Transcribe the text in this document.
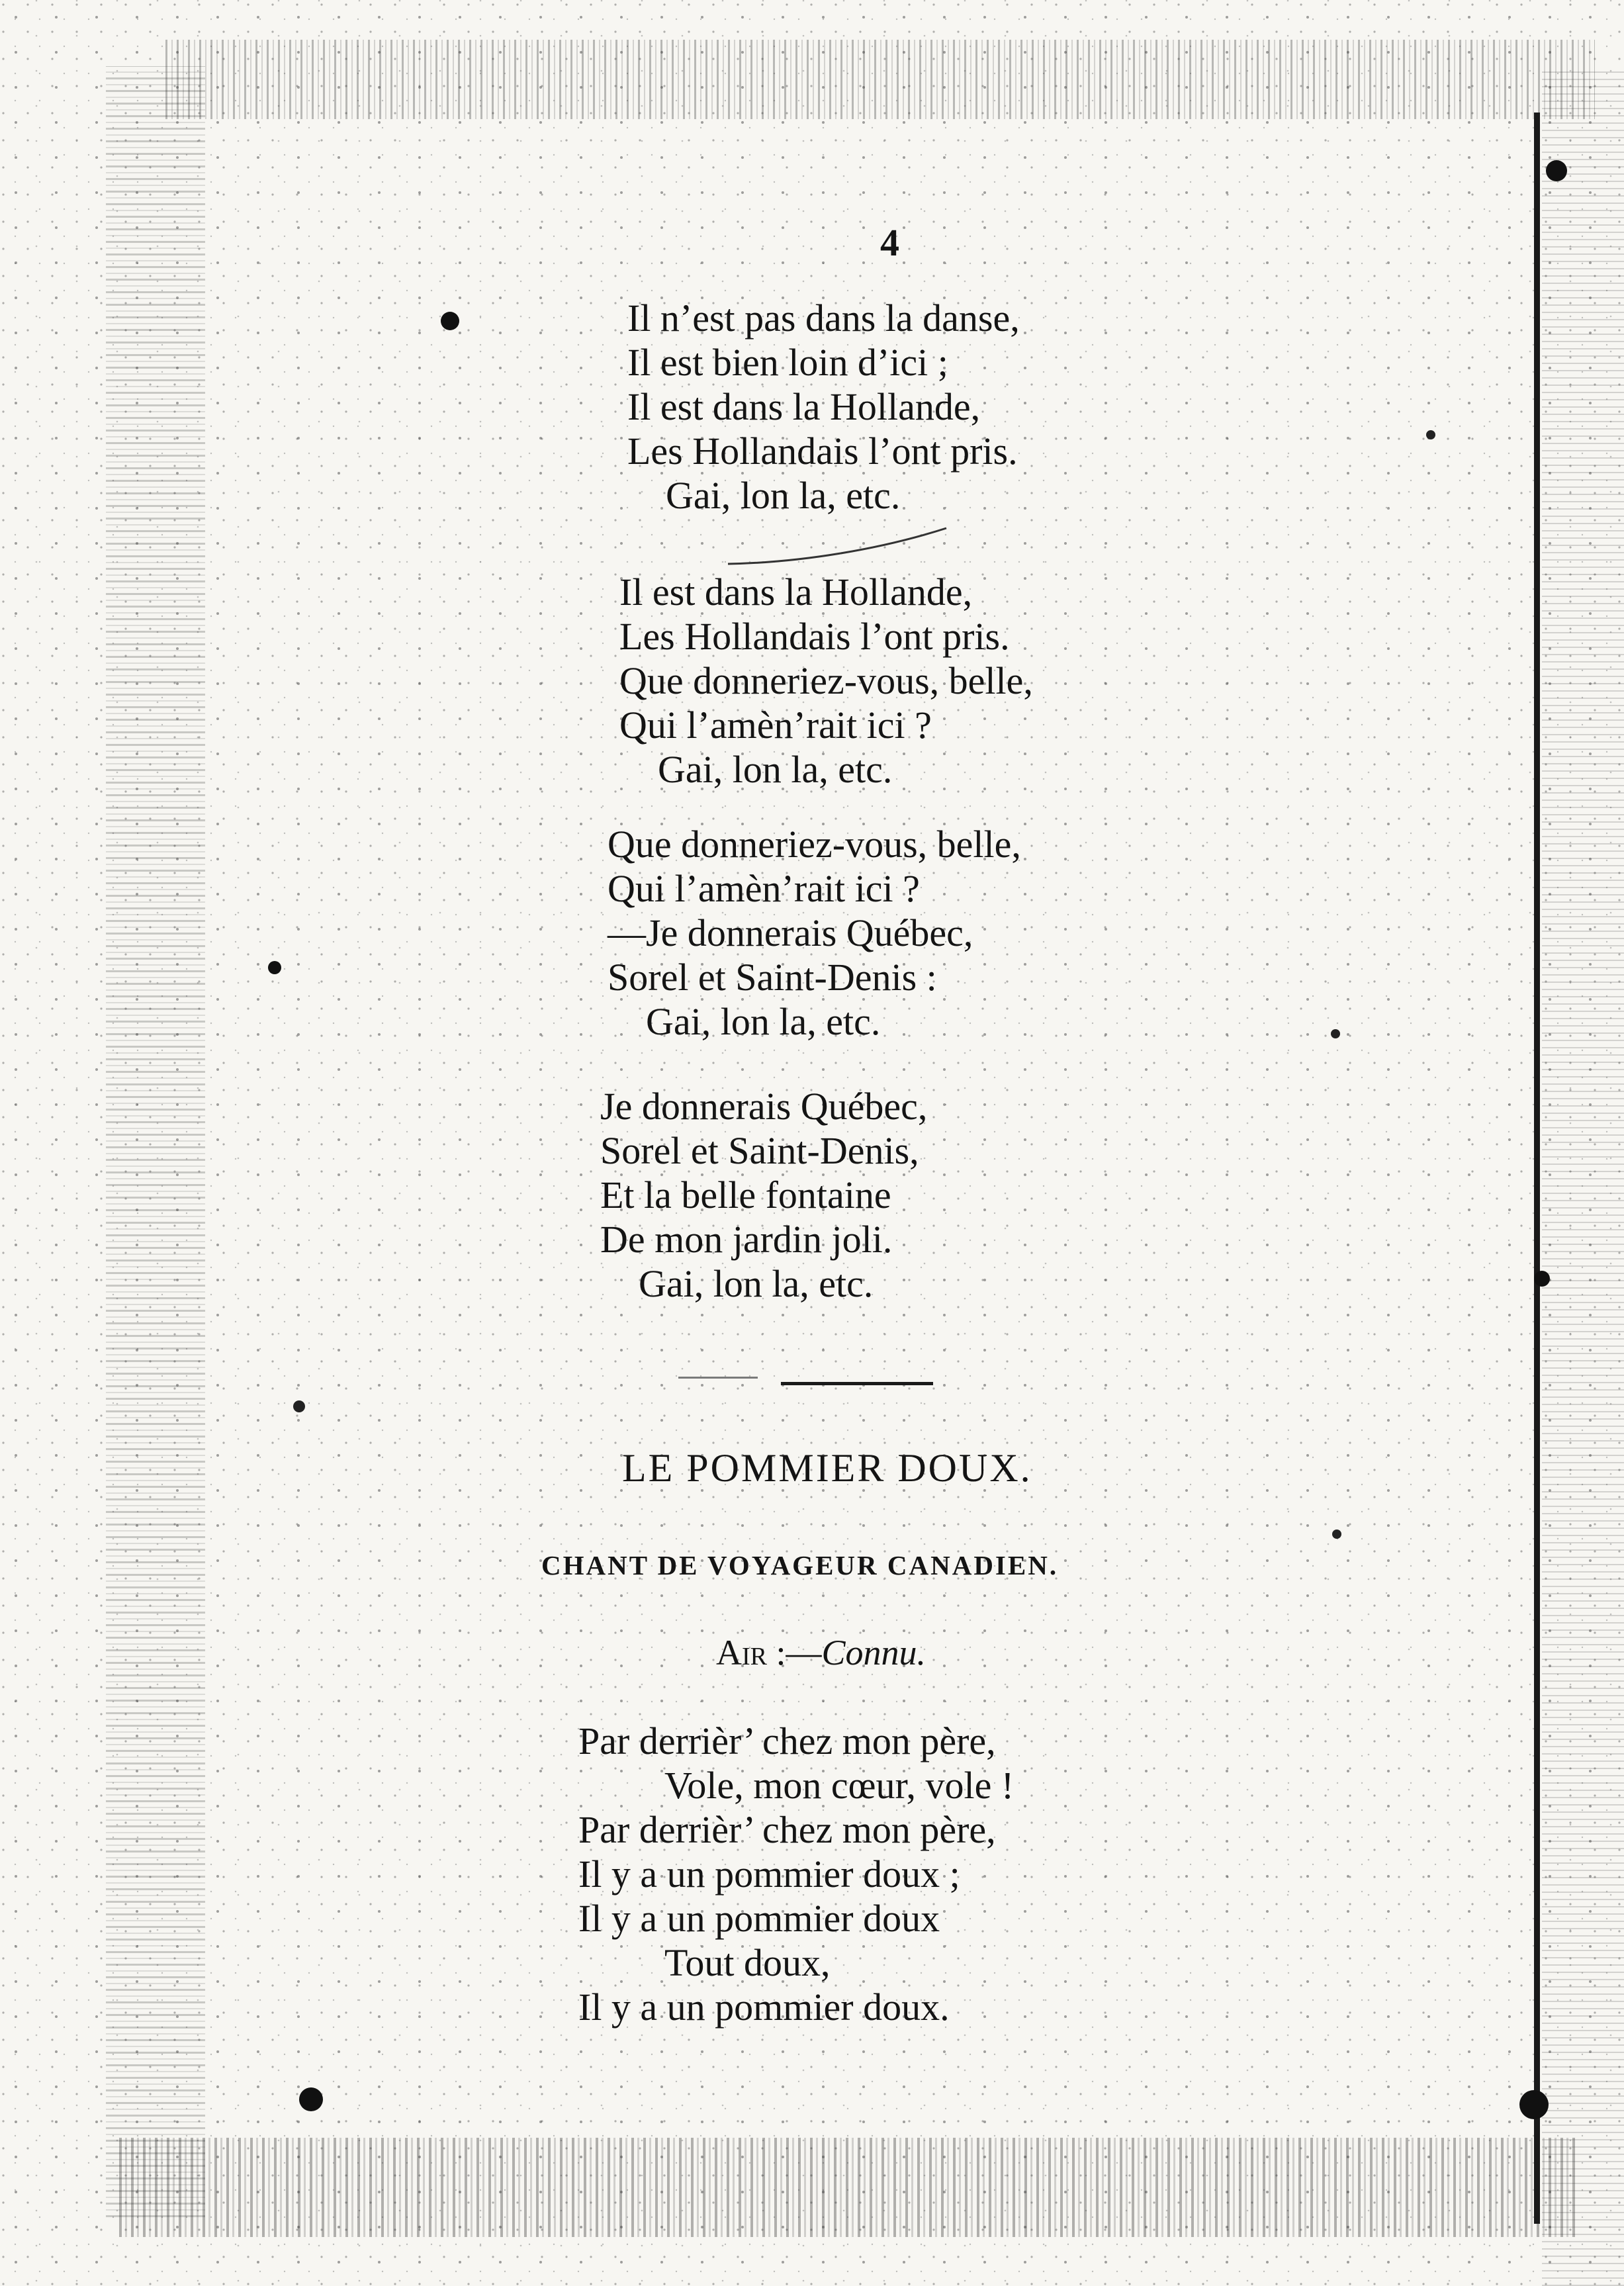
4
Il n’est pas dans la danse,
Il est bien loin d’ici ;
Il est dans la Hollande,
Les Hollandais l’ont pris.
Gai, lon la, etc.
Il est dans la Hollande,
Les Hollandais l’ont pris.
Que donneriez-vous, belle,
Qui l’amèn’rait ici ?
Gai, lon la, etc.
Que donneriez-vous, belle,
Qui l’amèn’rait ici ?
—Je donnerais Québec,
Sorel et Saint-Denis :
Gai, lon la, etc.
Je donnerais Québec,
Sorel et Saint-Denis,
Et la belle fontaine
De mon jardin joli.
Gai, lon la, etc.
LE POMMIER DOUX.
CHANT DE VOYAGEUR CANADIEN.
Air :—Connu.
Par derrièr’ chez mon père,
Vole, mon cœur, vole !
Par derrièr’ chez mon père,
Il y a un pommier doux ;
Il y a un pommier doux
Tout doux,
Il y a un pommier doux.
